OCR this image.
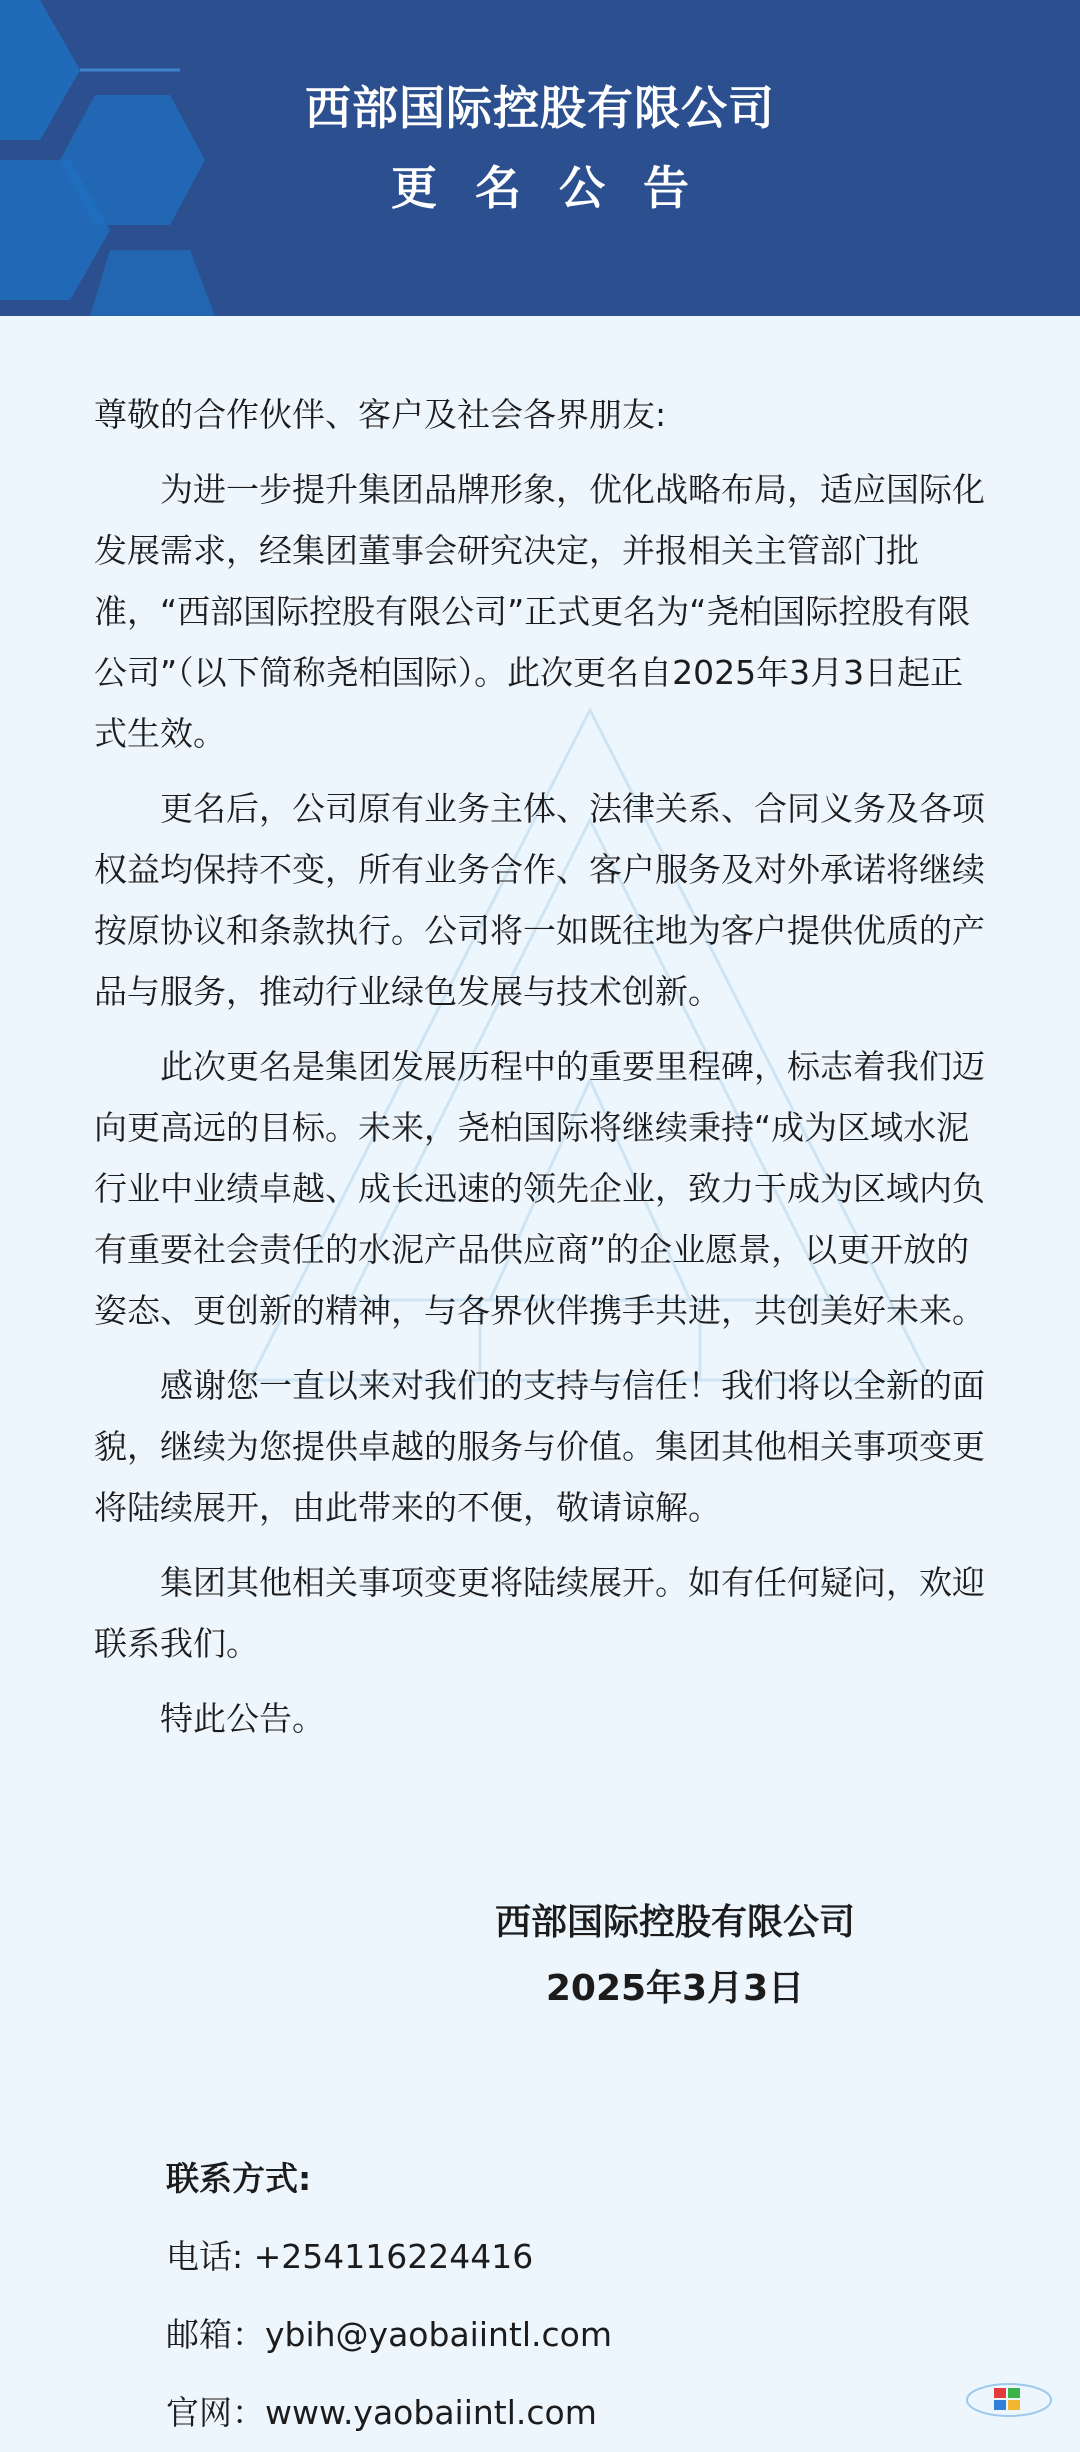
西部国际控股有限公司
更名公告

尊敬的合作伙伴、客户及社会各界朋友:

为进一步提升集团品牌形象，优化战略布局，适应国际化发展需求，经集团董事会研究决定，并报相关主管部门批准，“西部国际控股有限公司”正式更名为“尧柏国际控股有限公司”（以下简称尧柏国际）。此次更名自2025年3月3日起正式生效。

更名后，公司原有业务主体、法律关系、合同义务及各项权益均保持不变，所有业务合作、客户服务及对外承诺将继续按原协议和条款执行。公司将一如既往地为客户提供优质的产品与服务，推动行业绿色发展与技术创新。

此次更名是集团发展历程中的重要里程碑，标志着我们迈向更高远的目标。未来，尧柏国际将继续秉持“成为区域水泥行业中业绩卓越、成长迅速的领先企业，致力于成为区域内负有重要社会责任的水泥产品供应商”的企业愿景，以更开放的姿态、更创新的精神，与各界伙伴携手共进，共创美好未来。

感谢您一直以来对我们的支持与信任！我们将以全新的面貌，继续为您提供卓越的服务与价值。集团其他相关事项变更将陆续展开，由此带来的不便，敬请谅解。

集团其他相关事项变更将陆续展开。如有任何疑问，欢迎联系我们。

特此公告。

西部国际控股有限公司
2025年3月3日
联系方式:
电话: +254116224416
邮箱：ybih@yaobaiintl.com
官网：www.yaobaiintl.com
